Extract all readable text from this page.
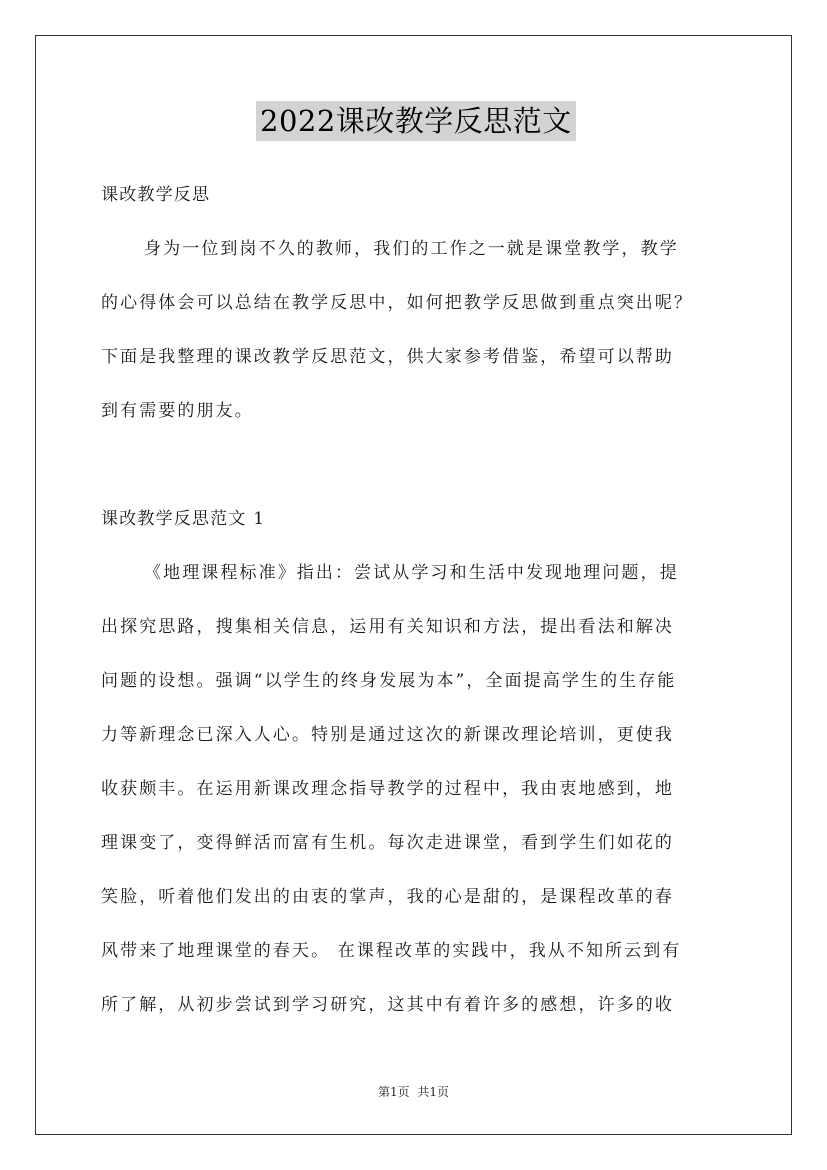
2022课改教学反思范文
课改教学反思
身为一位到岗不久的教师，我们的工作之一就是课堂教学，教学
的心得体会可以总结在教学反思中，如何把教学反思做到重点突出呢？
下面是我整理的课改教学反思范文，供大家参考借鉴，希望可以帮助
到有需要的朋友。
课改教学反思范文 1
《地理课程标准》指出：尝试从学习和生活中发现地理问题，提
出探究思路，搜集相关信息，运用有关知识和方法，提出看法和解决
问题的设想。强调“以学生的终身发展为本”，全面提高学生的生存能
力等新理念已深入人心。特别是通过这次的新课改理论培训，更使我
收获颇丰。在运用新课改理念指导教学的过程中，我由衷地感到，地
理课变了，变得鲜活而富有生机。每次走进课堂，看到学生们如花的
笑脸，听着他们发出的由衷的掌声，我的心是甜的，是课程改革的春
风带来了地理课堂的春天。 在课程改革的实践中，我从不知所云到有
所了解，从初步尝试到学习研究，这其中有着许多的感想，许多的收
第1页 共1页
